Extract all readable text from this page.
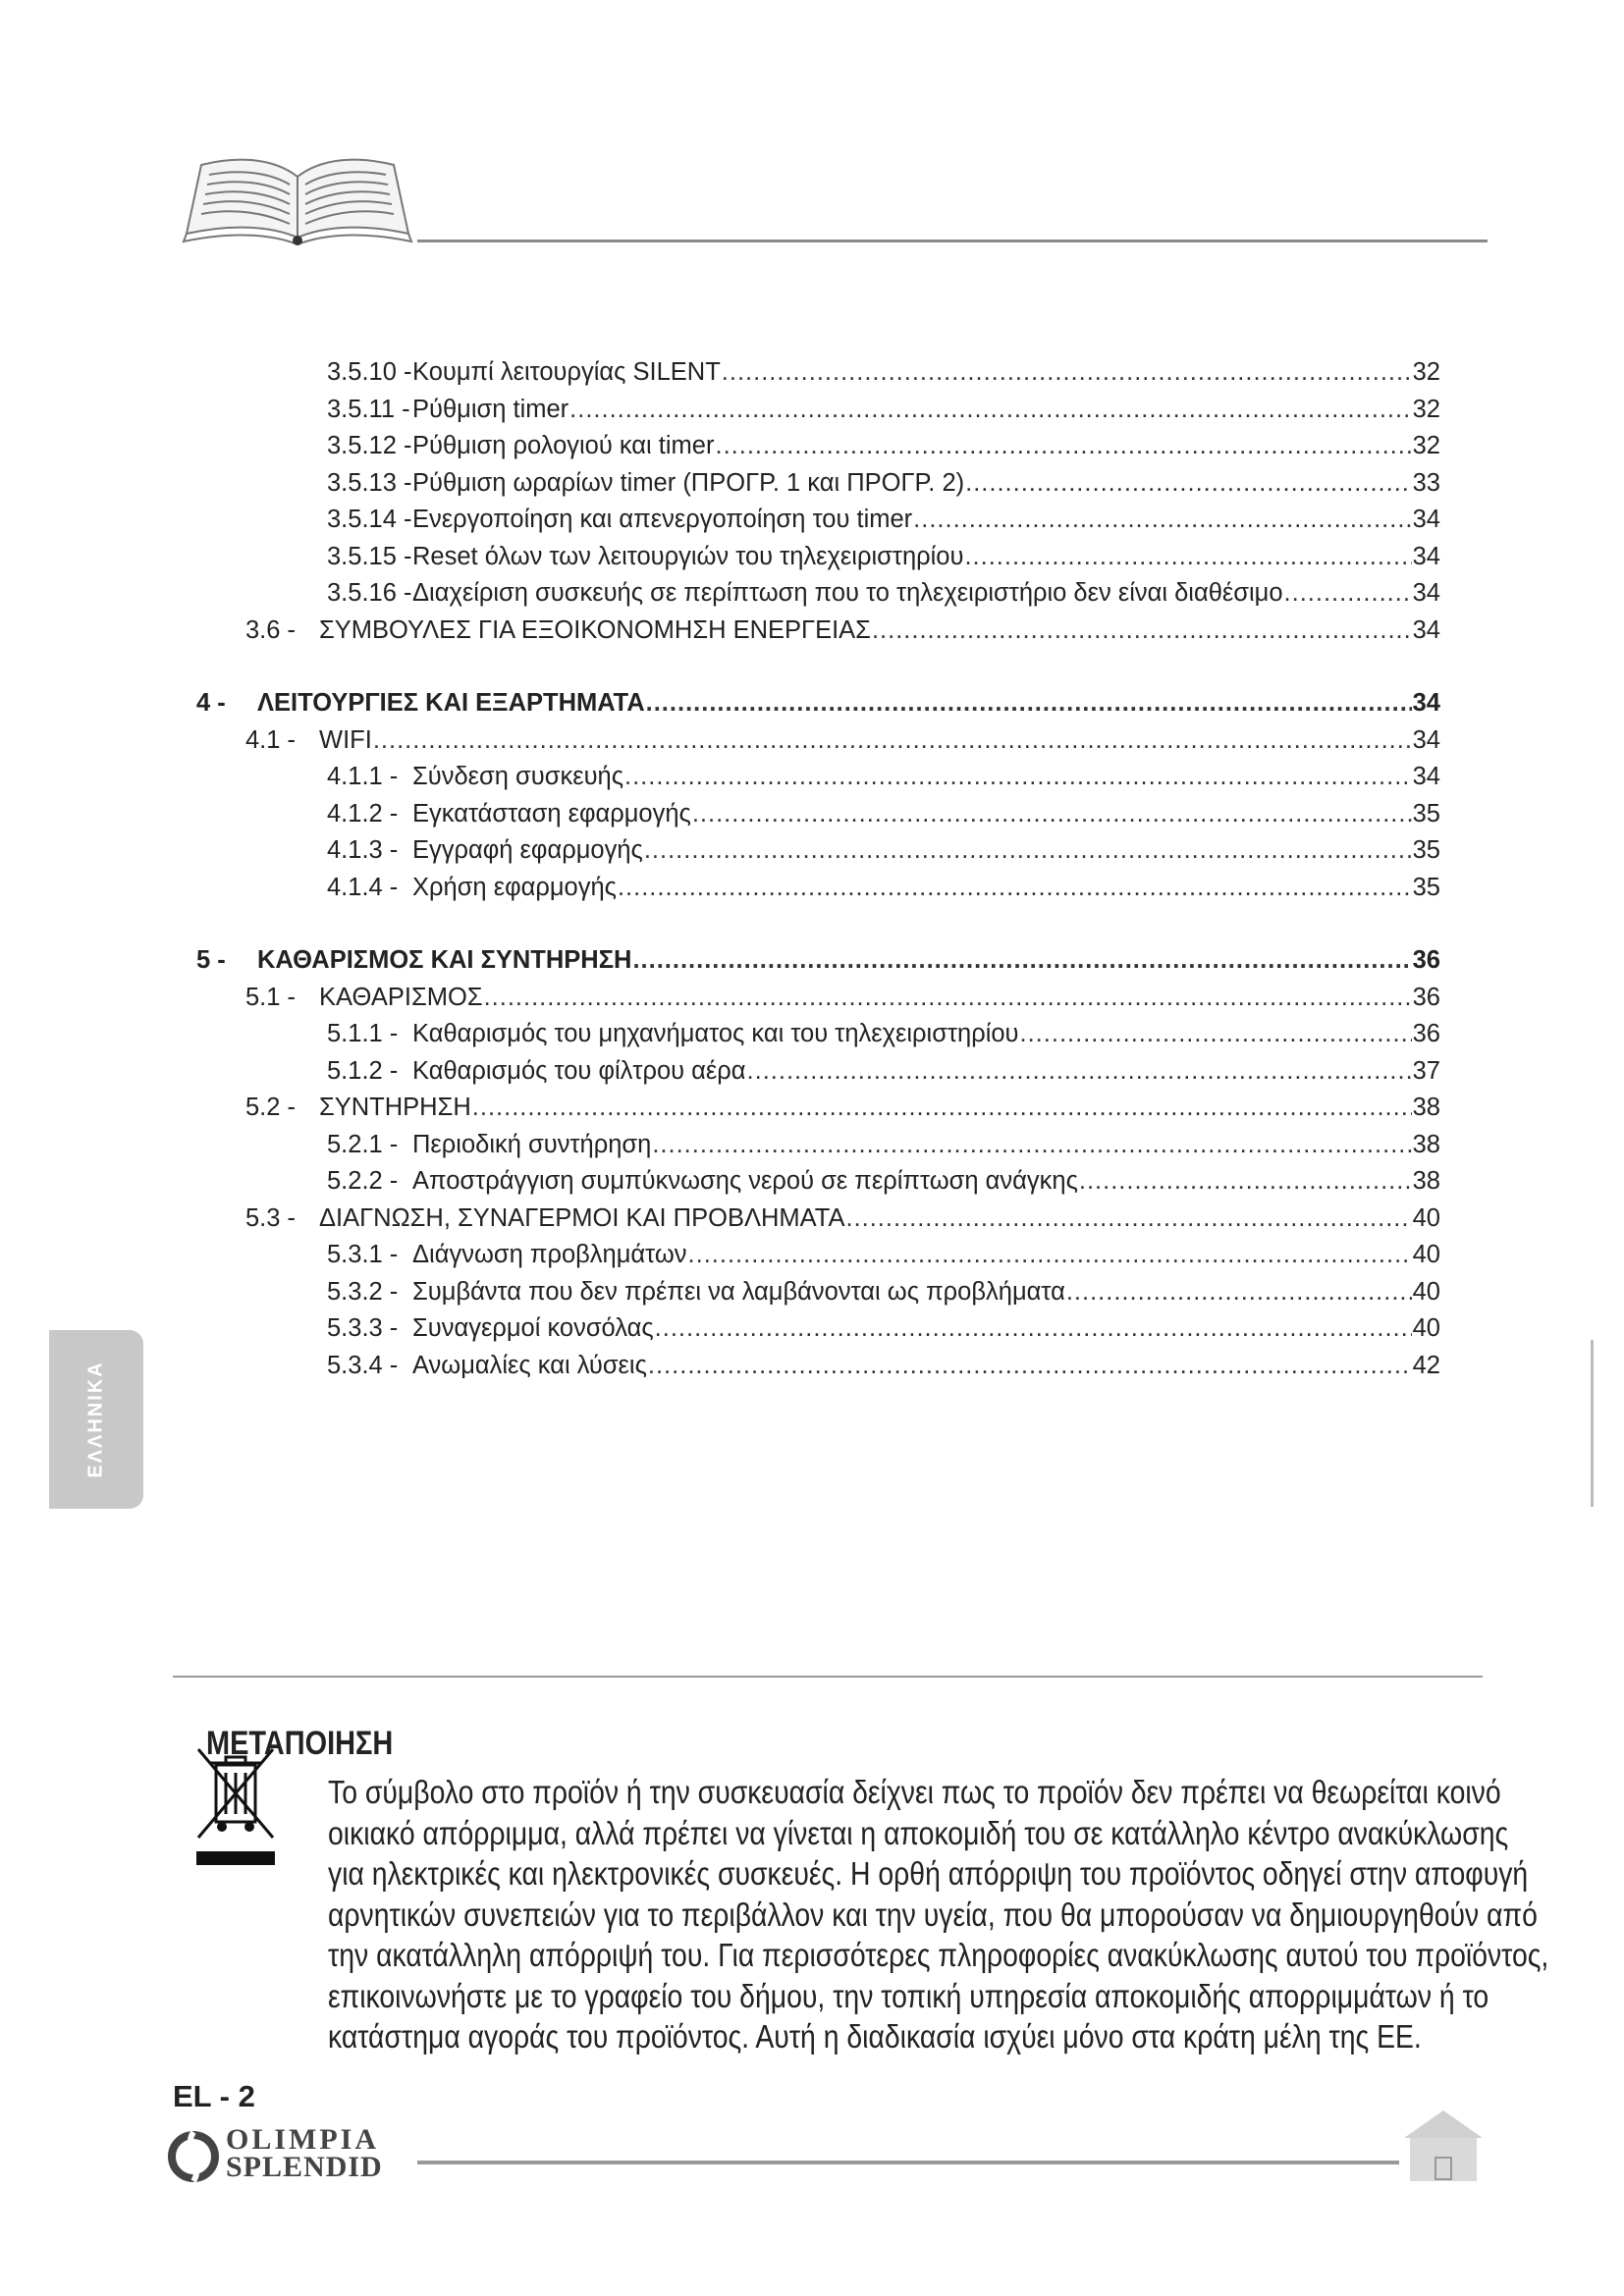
3.5.10 - Κουμπί λειτουργίας SILENT .....	32
3.5.11 - Ρύθμιση timer .....	32
3.5.12 - Ρύθμιση ρολογιού και timer .....	32
3.5.13 - Ρύθμιση ωραρίων timer (ΠΡΟΓΡ. 1 και ΠΡΟΓΡ. 2) .....	33
3.5.14 - Ενεργοποίηση και απενεργοποίηση του timer .....	34
3.5.15 - Reset όλων των λειτουργιών του τηλεχειριστηρίου .....	34
3.5.16 - Διαχείριση συσκευής σε περίπτωση που το τηλεχειριστήριο δεν είναι διαθέσιμο .....	34
3.6 - ΣΥΜΒΟΥΛΕΣ ΓΙΑ ΕΞΟΙΚΟΝΟΜΗΣΗ ΕΝΕΡΓΕΙΑΣ .....	34
4 -	ΛΕΙΤΟΥΡΓΙΕΣ ΚΑΙ ΕΞΑΡΤΗΜΑΤΑ .....	34
4.1 - WIFI .....	34
4.1.1 - Σύνδεση συσκευής .....	34
4.1.2 - Εγκατάσταση εφαρμογής .....	35
4.1.3 - Εγγραφή εφαρμογής .....	35
4.1.4 - Χρήση εφαρμογής .....	35
5 -	ΚΑΘΑΡΙΣΜΟΣ ΚΑΙ ΣΥΝΤΗΡΗΣΗ .....	36
5.1 - ΚΑΘΑΡΙΣΜΟΣ .....	36
5.1.1 - Καθαρισμός του μηχανήματος και του τηλεχειριστηρίου .....	36
5.1.2 - Καθαρισμός του φίλτρου αέρα .....	37
5.2 - ΣΥΝΤΗΡΗΣΗ .....	38
5.2.1 - Περιοδική συντήρηση .....	38
5.2.2 - Αποστράγγιση συμπύκνωσης νερού σε περίπτωση ανάγκης .....	38
5.3 - ΔΙΑΓΝΩΣΗ, ΣΥΝΑΓΕΡΜΟΙ ΚΑΙ ΠΡΟΒΛΗΜΑΤΑ .....	40
5.3.1 - Διάγνωση προβλημάτων .....	40
5.3.2 - Συμβάντα που δεν πρέπει να λαμβάνονται ως προβλήματα .....	40
5.3.3 - Συναγερμοί κονσόλας .....	40
5.3.4 - Ανωμαλίες και λύσεις .....	42
ΕΛΛΗΝΙΚΑ
ΜΕΤΑΠΟΙΗΣΗ
Το σύμβολο στο προϊόν ή την συσκευασία δείχνει πως το προϊόν δεν πρέπει να θεωρείται κοινό
οικιακό απόρριμμα, αλλά πρέπει να γίνεται η αποκομιδή του σε κατάλληλο κέντρο ανακύκλωσης
για ηλεκτρικές και ηλεκτρονικές συσκευές. Η ορθή απόρριψη του προϊόντος οδηγεί στην αποφυγή
αρνητικών συνεπειών για το περιβάλλον και την υγεία, που θα μπορούσαν να δημιουργηθούν από
την ακατάλληλη απόρριψή του. Για περισσότερες πληροφορίες ανακύκλωσης αυτού του προϊόντος,
επικοινωνήστε με το γραφείο του δήμου, την τοπική υπηρεσία αποκομιδής απορριμμάτων ή το
κατάστημα αγοράς του προϊόντος. Αυτή η διαδικασία ισχύει μόνο στα κράτη μέλη της ΕΕ.
EL - 2
OLIMPIA
SPLENDID
